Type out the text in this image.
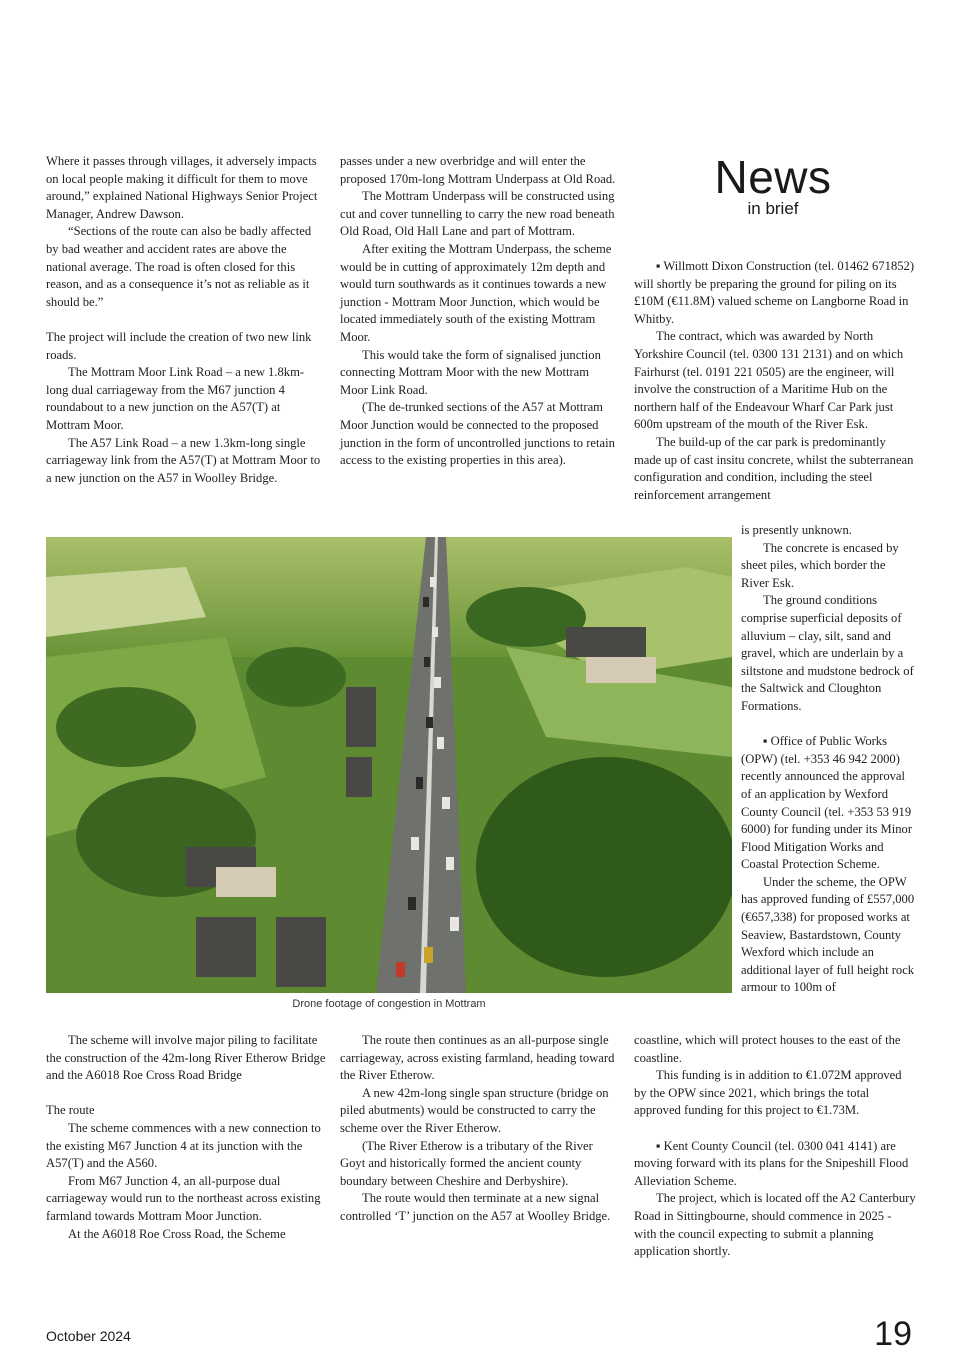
Where it passes through villages, it adversely impacts on local people making it difficult for them to move around,” explained National Highways Senior Project Manager, Andrew Dawson.

“Sections of the route can also be badly affected by bad weather and accident rates are above the national average. The road is often closed for this reason, and as a consequence it’s not as reliable as it should be.”

The project will include the creation of two new link roads.

The Mottram Moor Link Road – a new 1.8km-long dual carriageway from the M67 junction 4 roundabout to a new junction on the A57(T) at Mottram Moor.

The A57 Link Road – a new 1.3km-long single carriageway link from the A57(T) at Mottram Moor to a new junction on the A57 in Woolley Bridge.

passes under a new overbridge and will enter the proposed 170m-long Mottram Underpass at Old Road.

The Mottram Underpass will be constructed using cut and cover tunnelling to carry the new road beneath Old Road, Old Hall Lane and part of Mottram.

After exiting the Mottram Underpass, the scheme would be in cutting of approximately 12m depth and would turn southwards as it continues towards a new junction - Mottram Moor Junction, which would be located immediately south of the existing Mottram Moor.

This would take the form of signalised junction connecting Mottram Moor with the new Mottram Moor Link Road.

(The de-trunked sections of the A57 at Mottram Moor Junction would be connected to the proposed junction in the form of uncontrolled junctions to retain access to the existing properties in this area).

News
in brief

▪ Willmott Dixon Construction (tel. 01462 671852) will shortly be preparing the ground for piling on its £10M (€11.8M) valued scheme on Langborne Road in Whitby.

The contract, which was awarded by North Yorkshire Council (tel. 0300 131 2131) and on which Fairhurst (tel. 0191 221 0505) are the engineer, will involve the construction of a Maritime Hub on the northern half of the Endeavour Wharf Car Park just 600m upstream of the mouth of the River Esk.

The build-up of the car park is predominantly made up of cast insitu concrete, whilst the subterranean configuration and condition, including the steel reinforcement arrangement

is presently unknown.

The concrete is encased by sheet piles, which border the River Esk.

The ground conditions comprise superficial deposits of alluvium – clay, silt, sand and gravel, which are underlain by a siltstone and mudstone bedrock of the Saltwick and Cloughton Formations.

▪ Office of Public Works (OPW) (tel. +353 46 942 2000) recently announced the approval of an application by Wexford County Council (tel. +353 53 919 6000) for funding under its Minor Flood Mitigation Works and Coastal Protection Scheme.

Under the scheme, the OPW has approved funding of £557,000 (€657,338) for proposed works at Seaview, Bastardstown, County Wexford which include an additional layer of full height rock armour to 100m of

Drone footage of congestion in Mottram

The scheme will involve major piling to facilitate the construction of the 42m-long River Etherow Bridge and the A6018 Roe Cross Road Bridge

The route

The scheme commences with a new connection to the existing M67 Junction 4 at its junction with the A57(T) and the A560.

From M67 Junction 4, an all-purpose dual carriageway would run to the northeast across existing farmland towards Mottram Moor Junction.

At the A6018 Roe Cross Road, the Scheme

The route then continues as an all-purpose single carriageway, across existing farmland, heading toward the River Etherow.

A new 42m-long single span structure (bridge on piled abutments) would be constructed to carry the scheme over the River Etherow.

(The River Etherow is a tributary of the River Goyt and historically formed the ancient county boundary between Cheshire and Derbyshire).

The route would then terminate at a new signal controlled ‘T’ junction on the A57 at Woolley Bridge.

coastline, which will protect houses to the east of the coastline.

This funding is in addition to €1.072M approved by the OPW since 2021, which brings the total approved funding for this project to €1.73M.

▪ Kent County Council (tel. 0300 041 4141) are moving forward with its plans for the Snipeshill Flood Alleviation Scheme.

The project, which is located off the A2 Canterbury Road in Sittingbourne, should commence in 2025 - with the council expecting to submit a planning application shortly.

October 2024	19
